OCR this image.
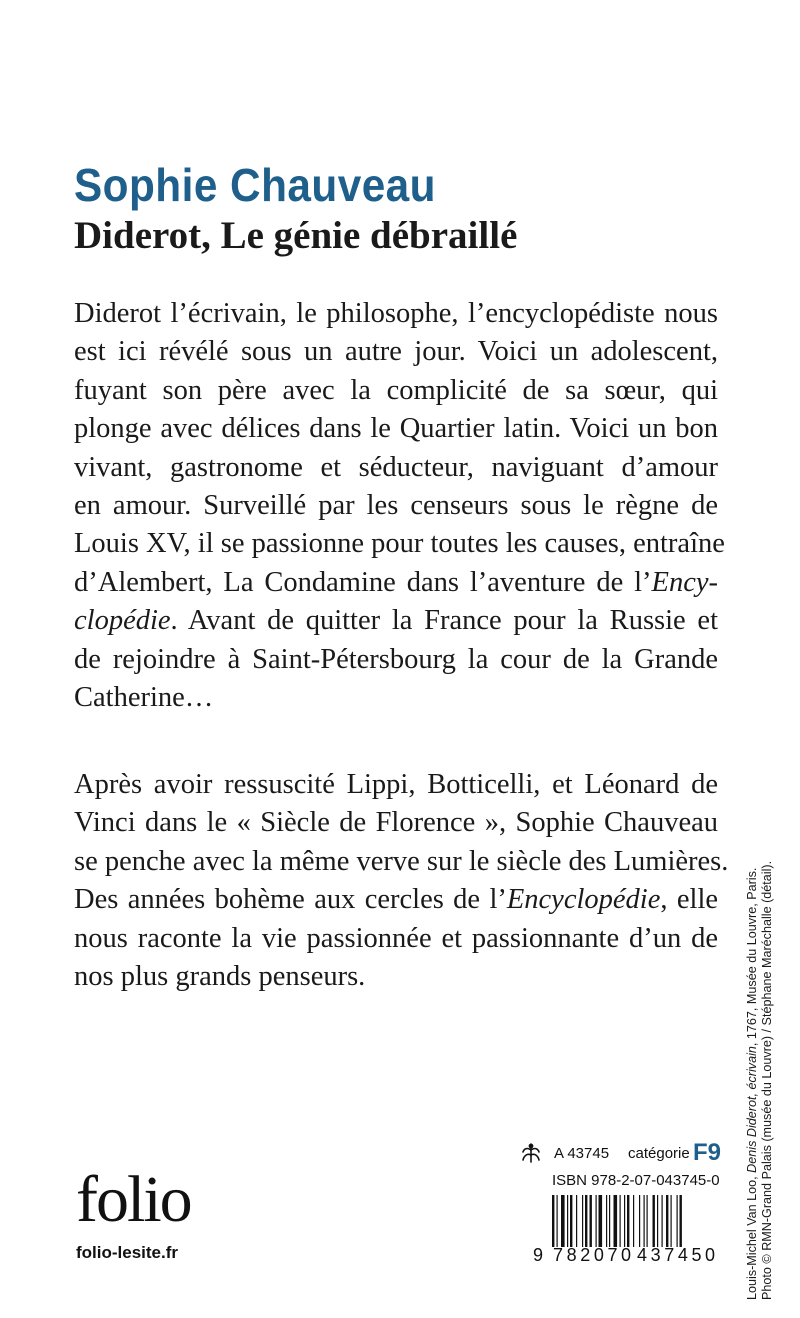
Sophie Chauveau
Diderot, Le génie débraillé
Diderot l’écrivain, le philosophe, l’encyclopédiste nous
est ici révélé sous un autre jour. Voici un adolescent,
fuyant son père avec la complicité de sa sœur, qui
plonge avec délices dans le Quartier latin. Voici un bon
vivant, gastronome et séducteur, naviguant d’amour
en amour. Surveillé par les censeurs sous le règne de
Louis XV, il se passionne pour toutes les causes, entraîne
d’Alembert, La Condamine dans l’aventure de l’Ency-
clopédie. Avant de quitter la France pour la Russie et
de rejoindre à Saint-Pétersbourg la cour de la Grande
Catherine…
Après avoir ressuscité Lippi, Botticelli, et Léonard de
Vinci dans le « Siècle de Florence », Sophie Chauveau
se penche avec la même verve sur le siècle des Lumières.
Des années bohème aux cercles de l’Encyclopédie, elle
nous raconte la vie passionnée et passionnante d’un de
nos plus grands penseurs.
Louis-Michel Van Loo, Denis Diderot, écrivain, 1767, Musée du Louvre, Paris. Photo © RMN-Grand Palais (musée du Louvre) / Stéphane Maréchalle (détail).
folio
folio-lesite.fr
A 43745 catégorie F9
ISBN 978-2-07-043745-0
9 782070 437450
